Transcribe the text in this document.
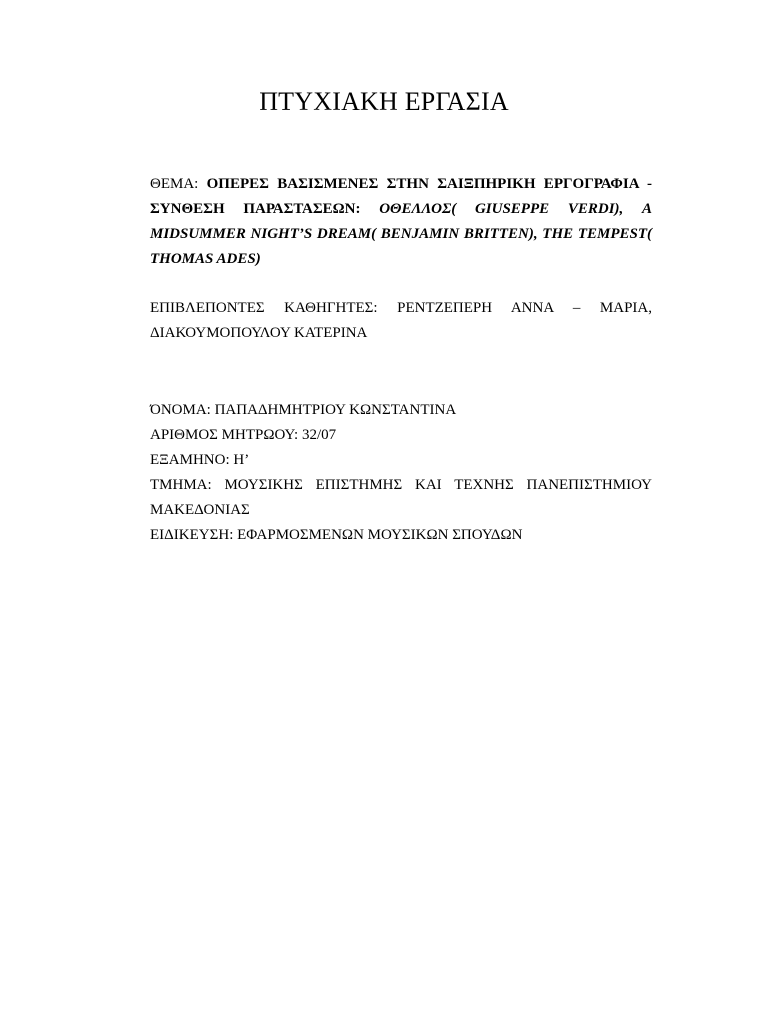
ΠΤΥΧΙΑΚΗ ΕΡΓΑΣΙΑ
ΘΕΜΑ: ΟΠΕΡΕΣ ΒΑΣΙΣΜΕΝΕΣ ΣΤΗΝ ΣΑΙΞΠΗΡΙΚΗ ΕΡΓΟΓΡΑΦΙΑ - ΣΥΝΘΕΣΗ ΠΑΡΑΣΤΑΣΕΩΝ: ΟΘΕΛΛΟΣ( GIUSEPPE VERDI), A MIDSUMMER NIGHT’S DREAM( BENJAMIN BRITTEN), THE TEMPEST( THOMAS ADES)
ΕΠΙΒΛΕΠΟΝΤΕΣ ΚΑΘΗΓΗΤΕΣ: ΡΕΝΤΖΕΠΕΡΗ ΑΝΝΑ – ΜΑΡΙΑ, ΔΙΑΚΟΥΜΟΠΟΥΛΟΥ ΚΑΤΕΡΙΝΑ
ΌΝΟΜΑ: ΠΑΠΑΔΗΜΗΤΡΙΟΥ ΚΩΝΣΤΑΝΤΙΝΑ
ΑΡΙΘΜΟΣ ΜΗΤΡΩΟΥ: 32/07
ΕΞΑΜΗΝΟ: Η’
ΤΜΗΜΑ: ΜΟΥΣΙΚΗΣ ΕΠΙΣΤΗΜΗΣ ΚΑΙ ΤΕΧΝΗΣ ΠΑΝΕΠΙΣΤΗΜΙΟΥ ΜΑΚΕΔΟΝΙΑΣ
ΕΙΔΙΚΕΥΣΗ: ΕΦΑΡΜΟΣΜΕΝΩΝ ΜΟΥΣΙΚΩΝ ΣΠΟΥΔΩΝ
